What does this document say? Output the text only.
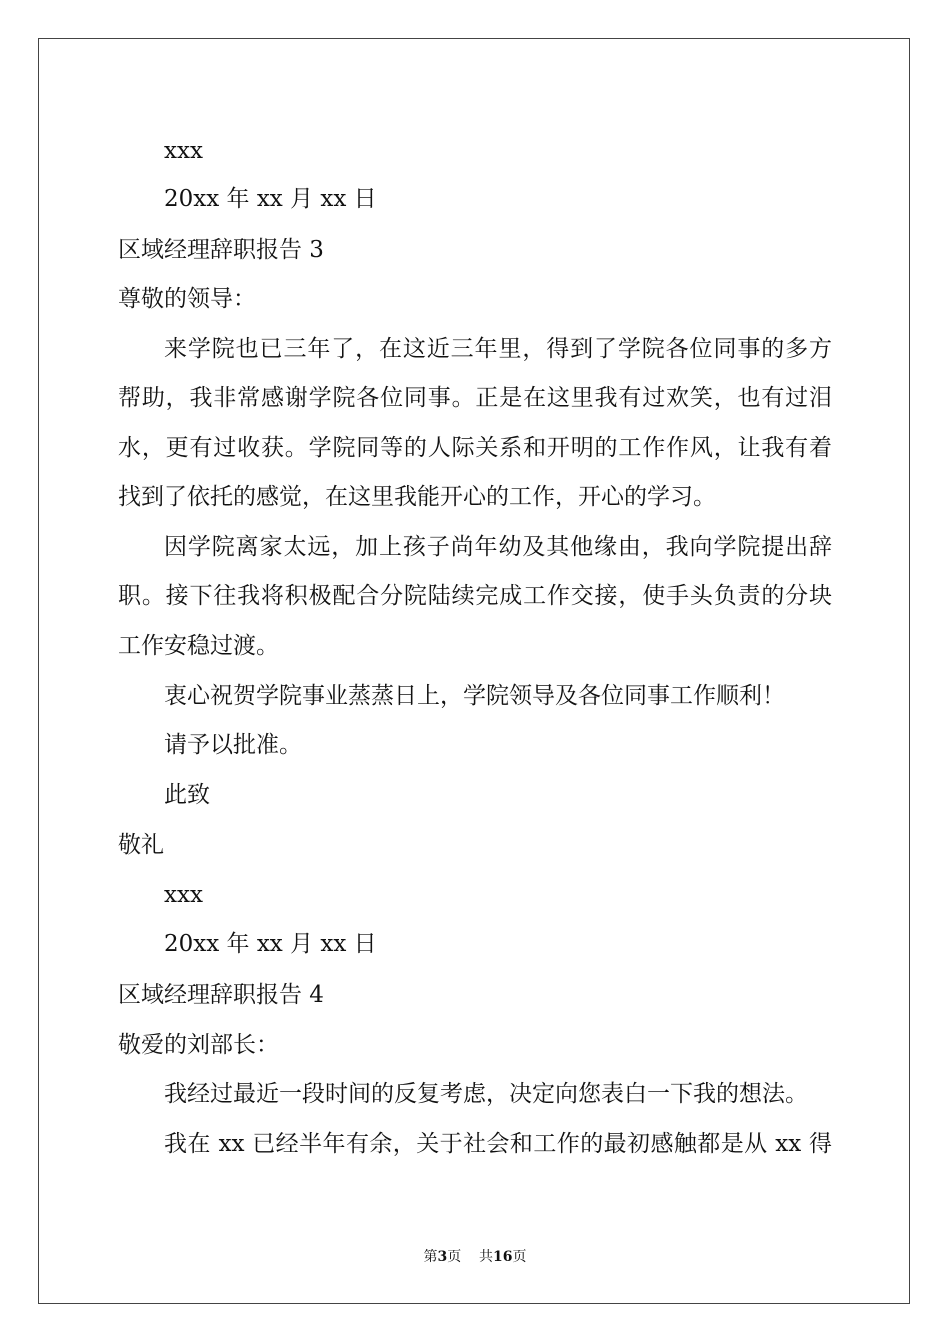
xxx
20xx 年 xx 月 xx 日
区域经理辞职报告 3
尊敬的领导：
来学院也已三年了，在这近三年里，得到了学院各位同事的多方
帮助，我非常感谢学院各位同事。正是在这里我有过欢笑，也有过泪
水，更有过收获。学院同等的人际关系和开明的工作作风，让我有着
找到了依托的感觉，在这里我能开心的工作，开心的学习。
因学院离家太远，加上孩子尚年幼及其他缘由，我向学院提出辞
职。接下往我将积极配合分院陆续完成工作交接，使手头负责的分块
工作安稳过渡。
衷心祝贺学院事业蒸蒸日上，学院领导及各位同事工作顺利！
请予以批准。
此致
敬礼
xxx
20xx 年 xx 月 xx 日
区域经理辞职报告 4
敬爱的刘部长：
我经过最近一段时间的反复考虑，决定向您表白一下我的想法。
我在 xx 已经半年有余，关于社会和工作的最初感触都是从 xx 得
第3页 共16页
